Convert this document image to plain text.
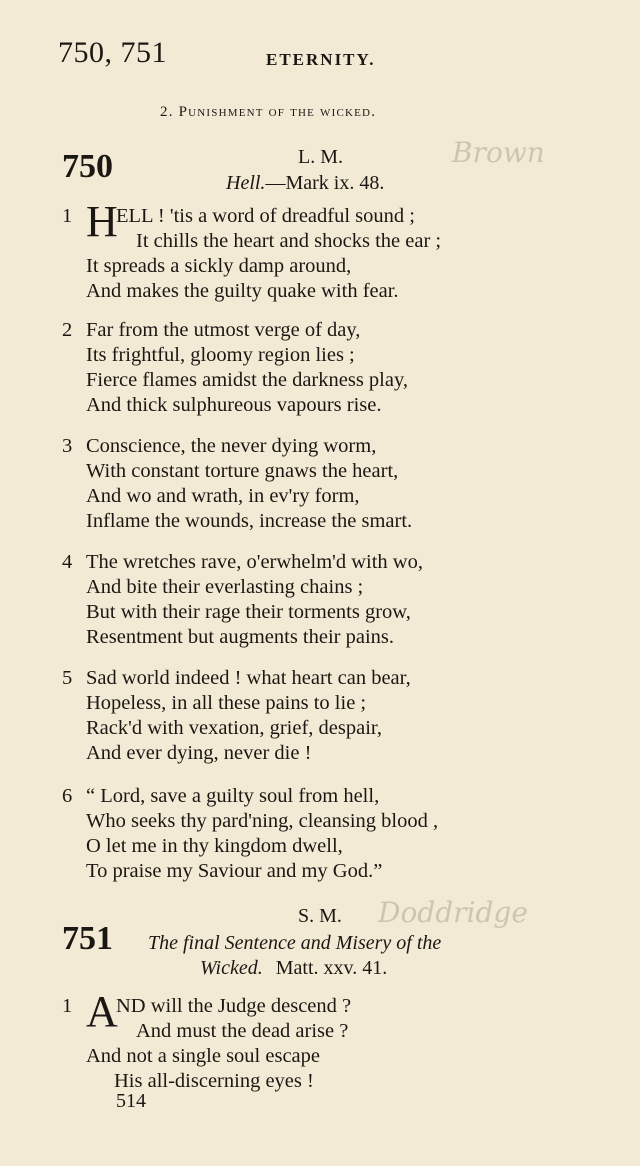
750, 751	ETERNITY.
2. Punishment of the wicked.
750	L. M.	Brown
Hell.—Mark ix. 48.
1 H
ELL ! 'tis a word of dreadful sound ;
It chills the heart and shocks the ear ;
It spreads a sickly damp around,
And makes the guilty quake with fear.
2 Far from the utmost verge of day,
Its frightful, gloomy region lies ;
Fierce flames amidst the darkness play,
And thick sulphureous vapours rise.
3 Conscience, the never dying worm,
With constant torture gnaws the heart,
And wo and wrath, in ev'ry form,
Inflame the wounds, increase the smart.
4 The wretches rave, o'erwhelm'd with wo,
And bite their everlasting chains ;
But with their rage their torments grow,
Resentment but augments their pains.
5 Sad world indeed ! what heart can bear,
Hopeless, in all these pains to lie ;
Rack'd with vexation, grief, despair,
And ever dying, never die !
6 “ Lord, save a guilty soul from hell,
Who seeks thy pard'ning, cleansing blood ,
O let me in thy kingdom dwell,
To praise my Saviour and my God.”
751
S. M. Doddridge
The final Sentence and Misery of the
Wicked. Matt. xxv. 41.
1 A
ND will the Judge descend ?
And must the dead arise ?
And not a single soul escape
His all-discerning eyes !
514
